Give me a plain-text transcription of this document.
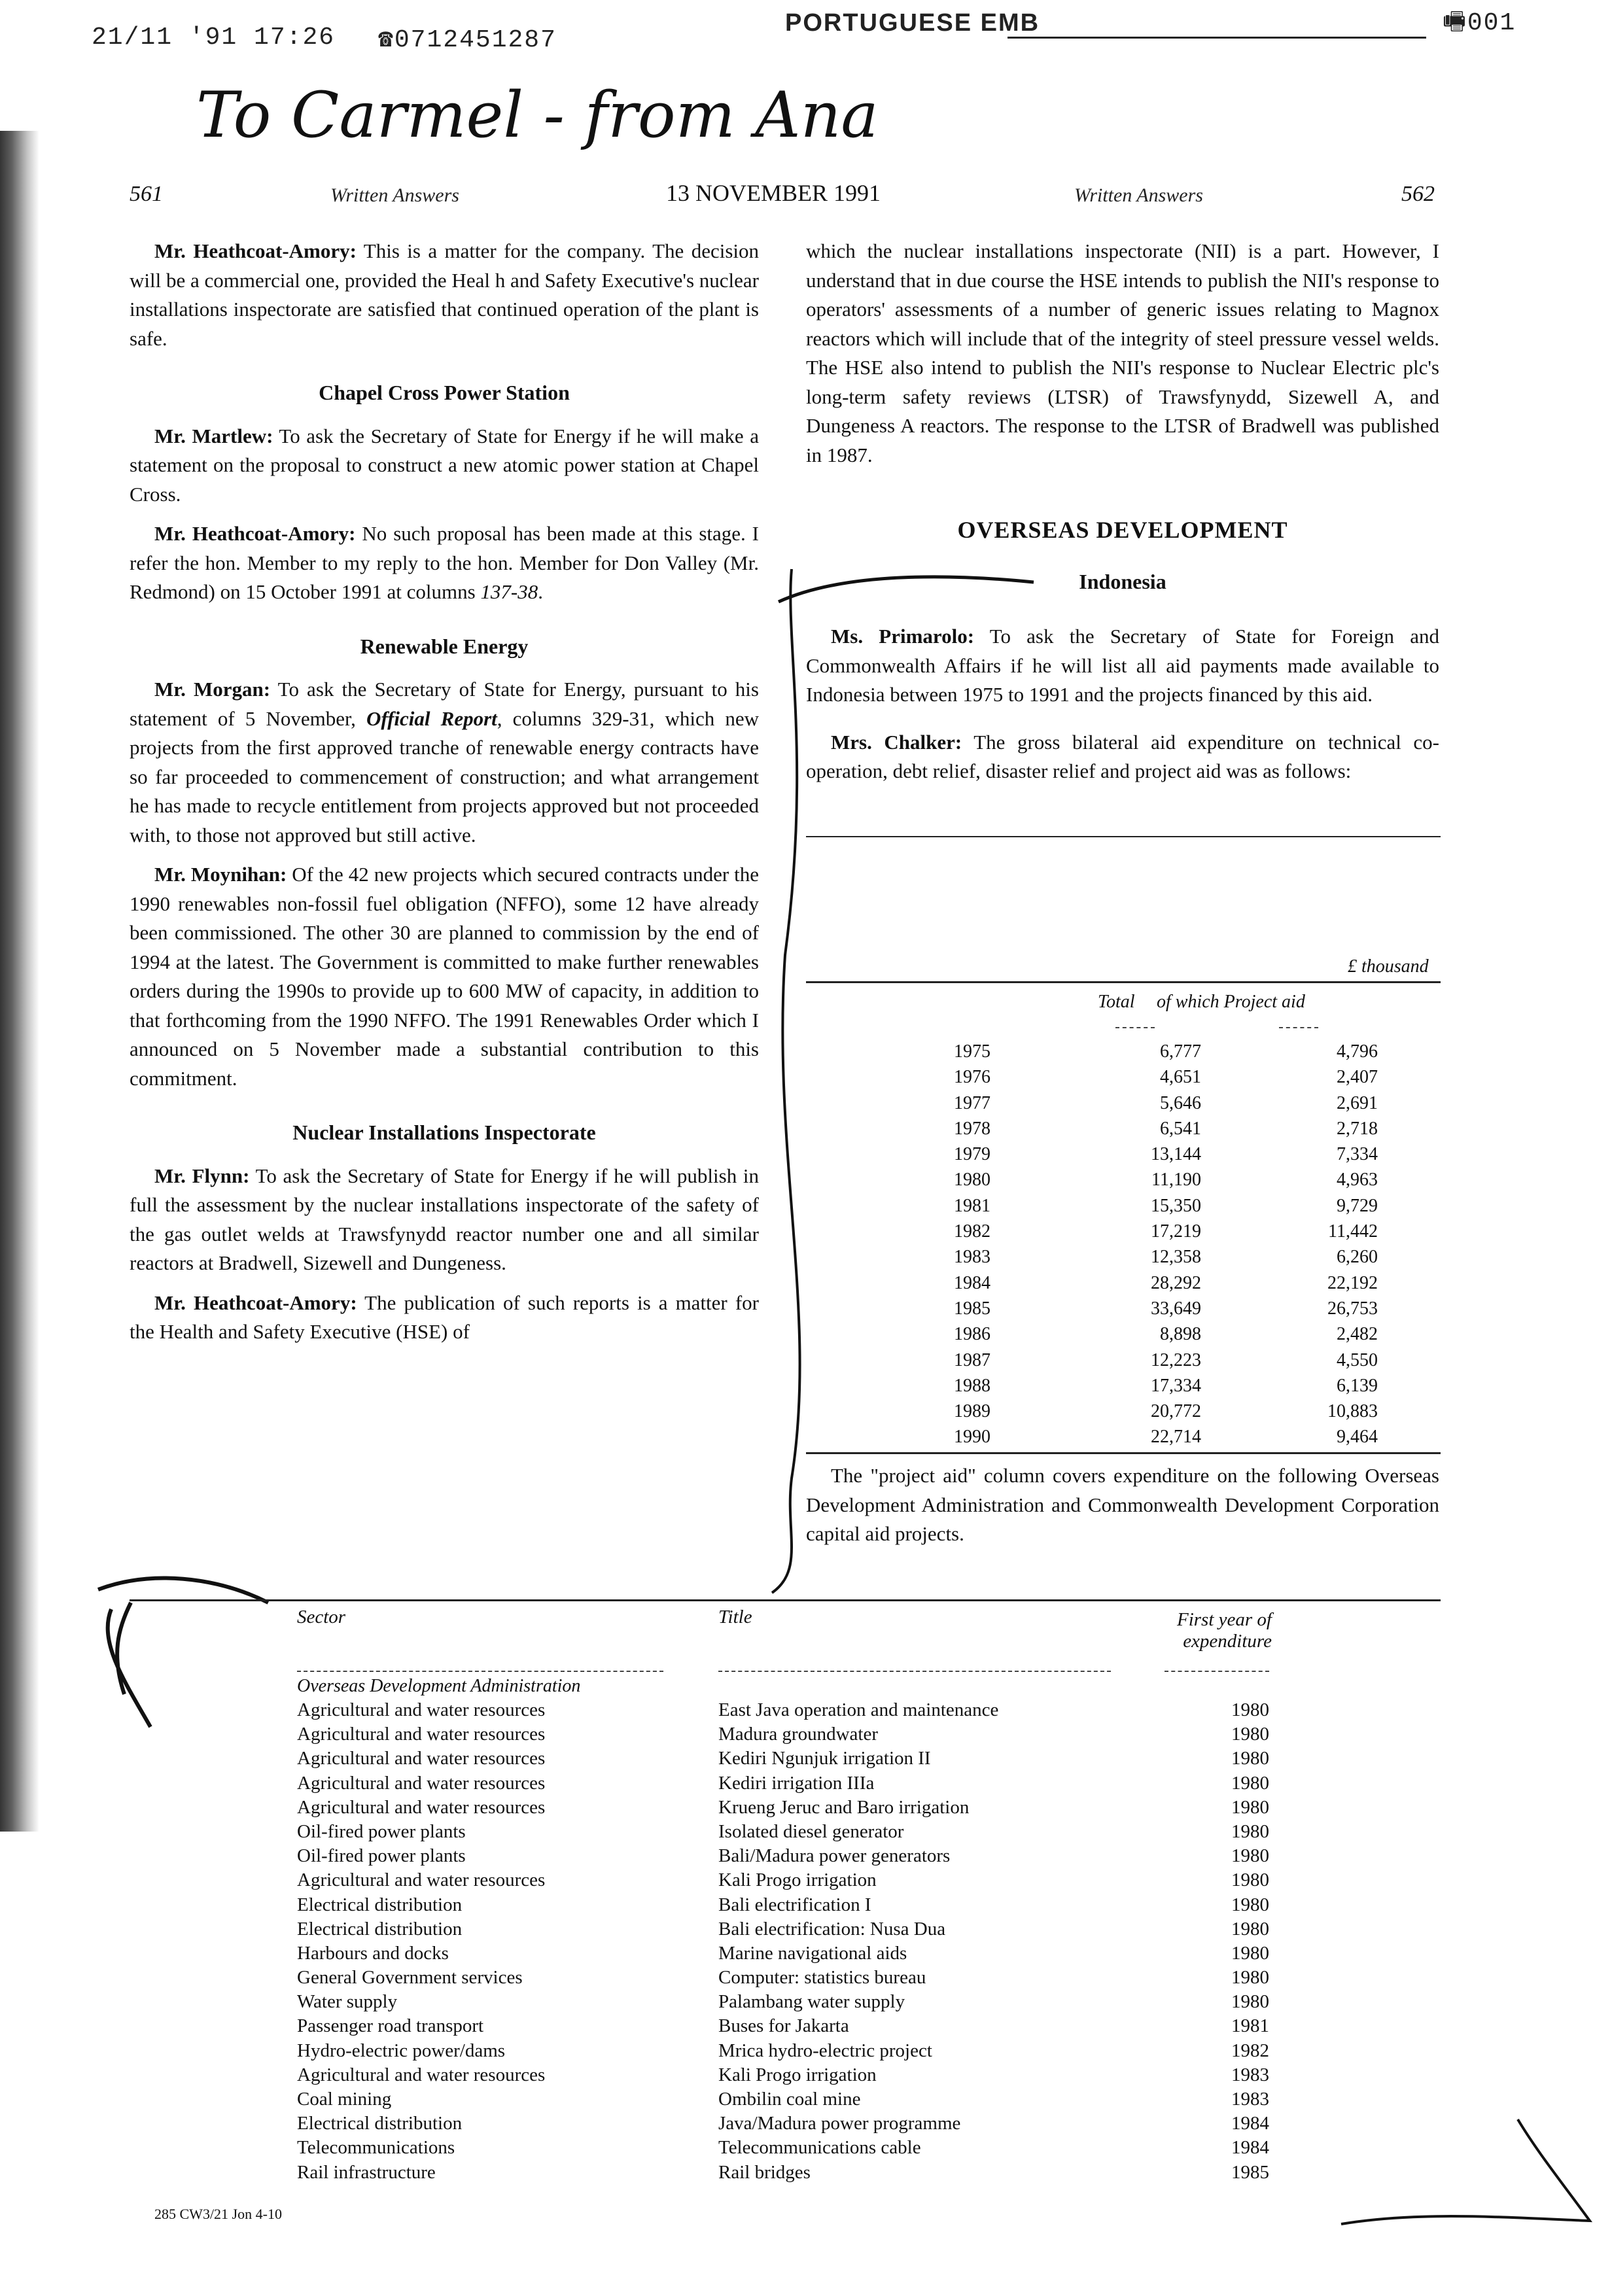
21/11 '91 17:26 ☎0712451287
PORTUGUESE EMB	🖷001
To Carmel - from Ana
561	Written Answers	13 NOVEMBER 1991	Written Answers	562

Mr. Heathcoat-Amory: This is a matter for the company. The decision will be a commercial one, provided the Heal h and Safety Executive's nuclear installations inspectorate are satisfied that continued operation of the plant is safe.

Chapel Cross Power Station

Mr. Martlew: To ask the Secretary of State for Energy if he will make a statement on the proposal to construct a new atomic power station at Chapel Cross.

Mr. Heathcoat-Amory: No such proposal has been made at this stage. I refer the hon. Member to my reply to the hon. Member for Don Valley (Mr. Redmond) on 15 October 1991 at columns 137-38.

Renewable Energy

Mr. Morgan: To ask the Secretary of State for Energy, pursuant to his statement of 5 November, Official Report, columns 329-31, which new projects from the first approved tranche of renewable energy contracts have so far proceeded to commencement of construction; and what arrangement he has made to recycle entitlement from projects approved but not proceeded with, to those not approved but still active.

Mr. Moynihan: Of the 42 new projects which secured contracts under the 1990 renewables non-fossil fuel obligation (NFFO), some 12 have already been commissioned. The other 30 are planned to commission by the end of 1994 at the latest. The Government is committed to make further renewables orders during the 1990s to provide up to 600 MW of capacity, in addition to that forthcoming from the 1990 NFFO. The 1991 Renewables Order which I announced on 5 November made a substantial contribution to this commitment.

Nuclear Installations Inspectorate

Mr. Flynn: To ask the Secretary of State for Energy if he will publish in full the assessment by the nuclear installations inspectorate of the safety of the gas outlet welds at Trawsfynydd reactor number one and all similar reactors at Bradwell, Sizewell and Dungeness.

Mr. Heathcoat-Amory: The publication of such reports is a matter for the Health and Safety Executive (HSE) of

which the nuclear installations inspectorate (NII) is a part. However, I understand that in due course the HSE intends to publish the NII's response to operators' assessments of a number of generic issues relating to Magnox reactors which will include that of the integrity of steel pressure vessel welds. The HSE also intend to publish the NII's response to Nuclear Electric plc's long-term safety reviews (LTSR) of Trawsfynydd, Sizewell A, and Dungeness A reactors. The response to the LTSR of Bradwell was published in 1987.

OVERSEAS DEVELOPMENT
Indonesia

Ms. Primarolo: To ask the Secretary of State for Foreign and Commonwealth Affairs if he will list all aid payments made available to Indonesia between 1975 to 1991 and the projects financed by this aid.

Mrs. Chalker: The gross bilateral aid expenditure on technical co-operation, debt relief, disaster relief and project aid was as follows:

£ thousand
Total of which Project aid
1975	6,777	4,796
1976	4,651	2,407
1977	5,646	2,691
1978	6,541	2,718
1979	13,144	7,334
1980	11,190	4,963
1981	15,350	9,729
1982	17,219	11,442
1983	12,358	6,260
1984	28,292	22,192
1985	33,649	26,753
1986	8,898	2,482
1987	12,223	4,550
1988	17,334	6,139
1989	20,772	10,883
1990	22,714	9,464

The "project aid" column covers expenditure on the following Overseas Development Administration and Commonwealth Development Corporation capital aid projects.

Sector	Title	First year of
expenditure
Overseas Development Administration
Agricultural and water resources	East Java operation and maintenance	1980
Agricultural and water resources	Madura groundwater	1980
Agricultural and water resources	Kediri Ngunjuk irrigation II	1980
Agricultural and water resources	Kediri irrigation IIIa	1980
Agricultural and water resources	Krueng Jeruc and Baro irrigation	1980
Oil-fired power plants	Isolated diesel generator	1980
Oil-fired power plants	Bali/Madura power generators	1980
Agricultural and water resources	Kali Progo irrigation	1980
Electrical distribution	Bali electrification I	1980
Electrical distribution	Bali electrification: Nusa Dua	1980
Harbours and docks	Marine navigational aids	1980
General Government services	Computer: statistics bureau	1980
Water supply	Palambang water supply	1980
Passenger road transport	Buses for Jakarta	1981
Hydro-electric power/dams	Mrica hydro-electric project	1982
Agricultural and water resources	Kali Progo irrigation	1983
Coal mining	Ombilin coal mine	1983
Electrical distribution	Java/Madura power programme	1984
Telecommunications	Telecommunications cable	1984
Rail infrastructure	Rail bridges	1985
285 CW3/21 Jon 4-10
